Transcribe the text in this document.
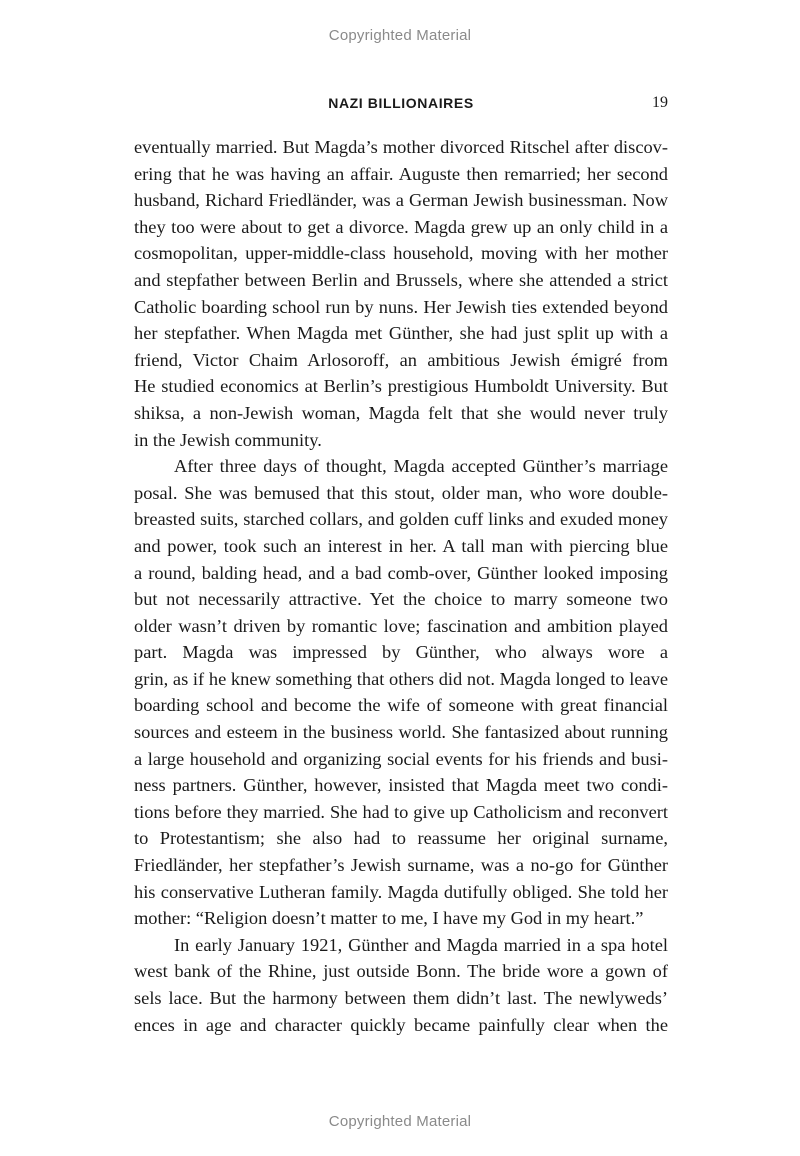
Copyrighted Material
NAZI BILLIONAIRES	19

eventually married. But Magda’s mother divorced Ritschel after discov-
ering that he was having an affair. Auguste then remarried; her second
husband, Richard Friedländer, was a German Jewish businessman. Now
they too were about to get a divorce. Magda grew up an only child in a
cosmopolitan, upper-middle-class household, moving with her mother
and stepfather between Berlin and Brussels, where she attended a strict
Catholic boarding school run by nuns. Her Jewish ties extended beyond
her stepfather. When Magda met Günther, she had just split up with a
friend, Victor Chaim Arlosoroff, an ambitious Jewish émigré from
He studied economics at Berlin’s prestigious Humboldt University. But
shiksa, a non-Jewish woman, Magda felt that she would never truly
in the Jewish community.

After three days of thought, Magda accepted Günther’s marriage
posal. She was bemused that this stout, older man, who wore double-
breasted suits, starched collars, and golden cuff links and exuded money
and power, took such an interest in her. A tall man with piercing blue
a round, balding head, and a bad comb-over, Günther looked imposing
but not necessarily attractive. Yet the choice to marry someone two
older wasn’t driven by romantic love; fascination and ambition played
part. Magda was impressed by Günther, who always wore a
grin, as if he knew something that others did not. Magda longed to leave
boarding school and become the wife of someone with great financial
sources and esteem in the business world. She fantasized about running
a large household and organizing social events for his friends and busi-
ness partners. Günther, however, insisted that Magda meet two condi-
tions before they married. She had to give up Catholicism and reconvert
to Protestantism; she also had to reassume her original surname,
Friedländer, her stepfather’s Jewish surname, was a no-go for Günther
his conservative Lutheran family. Magda dutifully obliged. She told her
mother: “Religion doesn’t matter to me, I have my God in my heart.”

In early January 1921, Günther and Magda married in a spa hotel
west bank of the Rhine, just outside Bonn. The bride wore a gown of
sels lace. But the harmony between them didn’t last. The newlyweds’
ences in age and character quickly became painfully clear when the

Copyrighted Material
